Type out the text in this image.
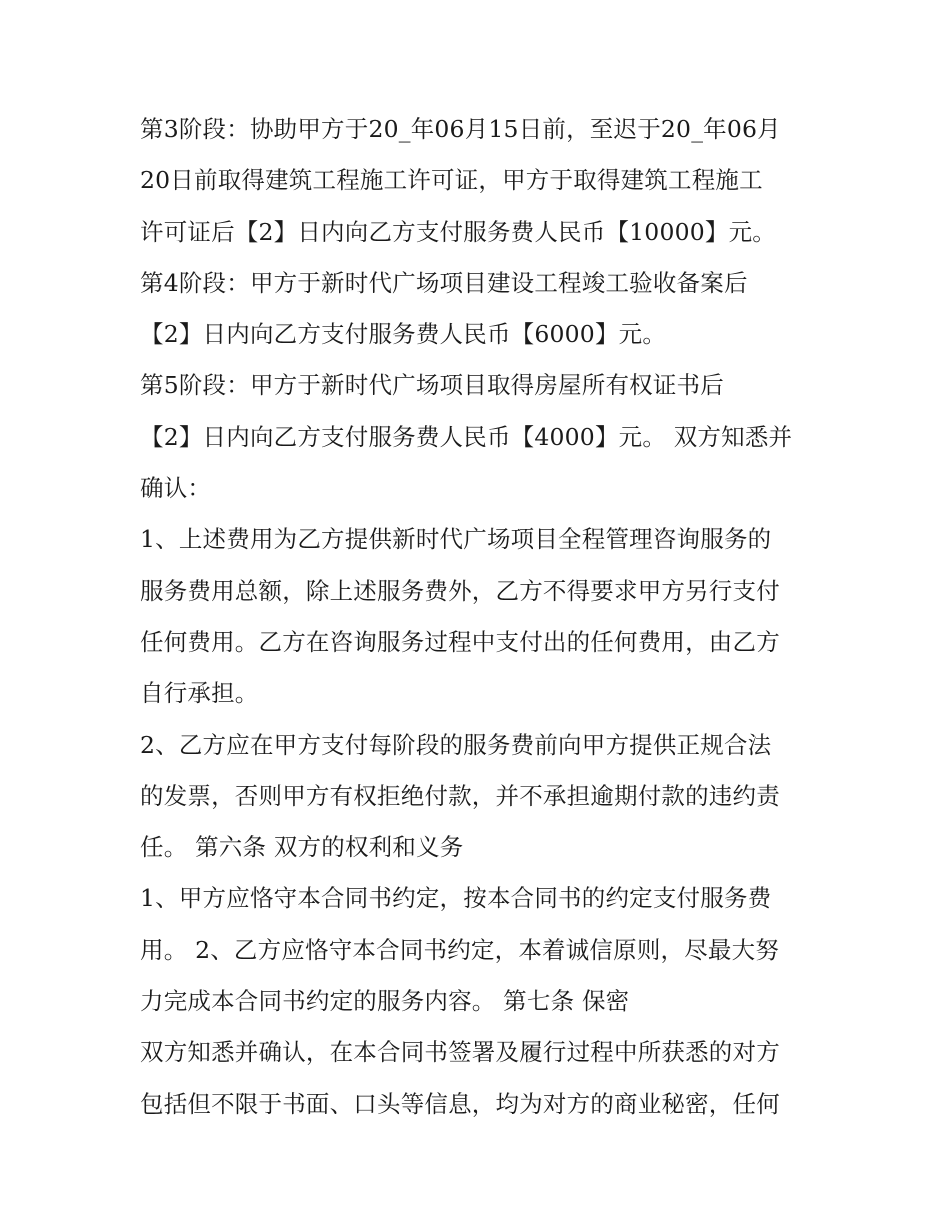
第3阶段：协助甲方于20_年06月15日前，至迟于20_年06月
20日前取得建筑工程施工许可证，甲方于取得建筑工程施工
许可证后【2】日内向乙方支付服务费人民币【10000】元。
第4阶段：甲方于新时代广场项目建设工程竣工验收备案后
【2】日内向乙方支付服务费人民币【6000】元。
第5阶段：甲方于新时代广场项目取得房屋所有权证书后
【2】日内向乙方支付服务费人民币【4000】元。 双方知悉并
确认：
1、上述费用为乙方提供新时代广场项目全程管理咨询服务的
服务费用总额，除上述服务费外，乙方不得要求甲方另行支付
任何费用。乙方在咨询服务过程中支付出的任何费用，由乙方
自行承担。
2、乙方应在甲方支付每阶段的服务费前向甲方提供正规合法
的发票，否则甲方有权拒绝付款，并不承担逾期付款的违约责
任。 第六条 双方的权利和义务
1、甲方应恪守本合同书约定，按本合同书的约定支付服务费
用。 2、乙方应恪守本合同书约定，本着诚信原则，尽最大努
力完成本合同书约定的服务内容。 第七条 保密
双方知悉并确认，在本合同书签署及履行过程中所获悉的对方
包括但不限于书面、口头等信息，均为对方的商业秘密，任何
